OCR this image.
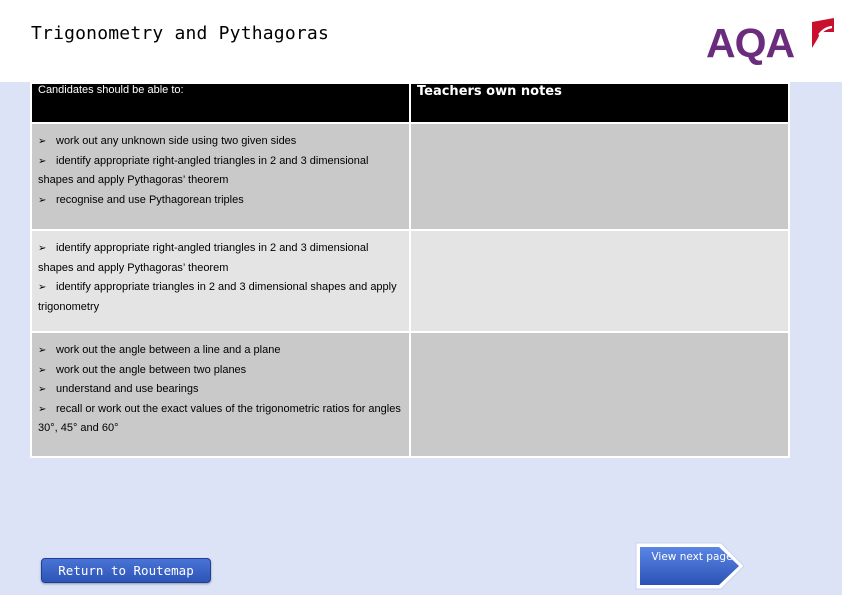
Trigonometry and Pythagoras	AQA
Candidates should be able to:	Teachers own notes

➢ work out any unknown side using two given sides
➢ identify appropriate right-angled triangles in 2 and 3 dimensional shapes and apply Pythagoras’ theorem
➢ recognise and use Pythagorean triples	

➢ identify appropriate right-angled triangles in 2 and 3 dimensional shapes and apply Pythagoras’ theorem
➢ identify appropriate triangles in 2 and 3 dimensional shapes and apply trigonometry	

➢ work out the angle between a line and a plane
➢ work out the angle between two planes
➢ understand and use bearings
➢ recall or work out the exact values of the trigonometric ratios for angles 30°, 45° and 60°	

Return to Routemap
View next page
